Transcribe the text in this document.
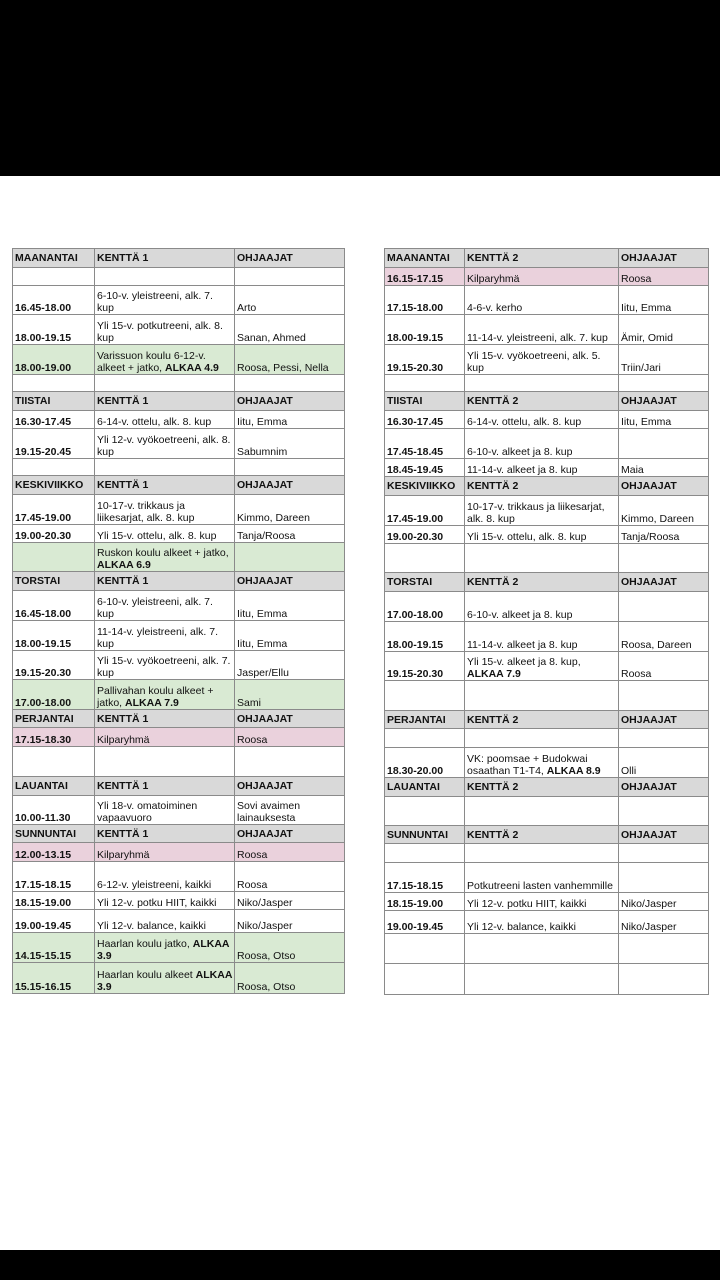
MAANANTAI	KENTTÄ 1	OHJAAJAT

16.45-18.00	6-10-v. yleistreeni, alk. 7. kup	Arto
18.00-19.15	Yli 15-v. potkutreeni, alk. 8. kup	Sanan, Ahmed
18.00-19.00	Varissuon koulu 6-12-v. alkeet + jatko, ALKAA 4.9	Roosa, Pessi, Nella

TIISTAI	KENTTÄ 1	OHJAAJAT
16.30-17.45	6-14-v. ottelu, alk. 8. kup	Iitu, Emma
19.15-20.45	Yli 12-v. vyökoetreeni, alk. 8. kup	Sabumnim

KESKIVIIKKO	KENTTÄ 1	OHJAAJAT
17.45-19.00	10-17-v. trikkaus ja liikesarjat, alk. 8. kup	Kimmo, Dareen
19.00-20.30	Yli 15-v. ottelu, alk. 8. kup	Tanja/Roosa
	Ruskon koulu alkeet + jatko, ALKAA 6.9	
TORSTAI	KENTTÄ 1	OHJAAJAT
16.45-18.00	6-10-v. yleistreeni, alk. 7. kup	Iitu, Emma
18.00-19.15	11-14-v. yleistreeni, alk. 7. kup	Iitu, Emma
19.15-20.30	Yli 15-v. vyökoetreeni, alk. 7. kup	Jasper/Ellu
17.00-18.00	Pallivahan koulu alkeet + jatko, ALKAA 7.9	Sami
PERJANTAI	KENTTÄ 1	OHJAAJAT
17.15-18.30	Kilparyhmä	Roosa

LAUANTAI	KENTTÄ 1	OHJAAJAT
10.00-11.30	Yli 18-v. omatoiminen vapaavuoro	Sovi avaimen lainauksesta
SUNNUNTAI	KENTTÄ 1	OHJAAJAT
12.00-13.15	Kilparyhmä	Roosa
17.15-18.15	6-12-v. yleistreeni, kaikki	Roosa
18.15-19.00	Yli 12-v. potku HIIT, kaikki	Niko/Jasper
19.00-19.45	Yli 12-v. balance, kaikki	Niko/Jasper
14.15-15.15	Haarlan koulu jatko, ALKAA 3.9	Roosa, Otso
15.15-16.15	Haarlan koulu alkeet ALKAA 3.9	Roosa, Otso
MAANANTAI	KENTTÄ 2	OHJAAJAT
16.15-17.15	Kilparyhmä	Roosa
17.15-18.00	4-6-v. kerho	Iitu, Emma
18.00-19.15	11-14-v. yleistreeni, alk. 7. kup	Ämir, Omid
19.15-20.30	Yli 15-v. vyökoetreeni, alk. 5. kup	Triin/Jari

TIISTAI	KENTTÄ 2	OHJAAJAT
16.30-17.45	6-14-v. ottelu, alk. 8. kup	Iitu, Emma
17.45-18.45	6-10-v. alkeet ja 8. kup	
18.45-19.45	11-14-v. alkeet ja 8. kup	Maia
KESKIVIIKKO	KENTTÄ 2	OHJAAJAT
17.45-19.00	10-17-v. trikkaus ja liikesarjat, alk. 8. kup	Kimmo, Dareen
19.00-20.30	Yli 15-v. ottelu, alk. 8. kup	Tanja/Roosa

TORSTAI	KENTTÄ 2	OHJAAJAT
17.00-18.00	6-10-v. alkeet ja 8. kup	
18.00-19.15	11-14-v. alkeet ja 8. kup	Roosa, Dareen
19.15-20.30	Yli 15-v. alkeet ja 8. kup, ALKAA 7.9	Roosa

PERJANTAI	KENTTÄ 2	OHJAAJAT

18.30-20.00	VK: poomsae + Budokwai osaathan T1-T4, ALKAA 8.9	Olli
LAUANTAI	KENTTÄ 2	OHJAAJAT

SUNNUNTAI	KENTTÄ 2	OHJAAJAT

17.15-18.15	Potkutreeni lasten vanhemmille	
18.15-19.00	Yli 12-v. potku HIIT, kaikki	Niko/Jasper
19.00-19.45	Yli 12-v. balance, kaikki	Niko/Jasper
